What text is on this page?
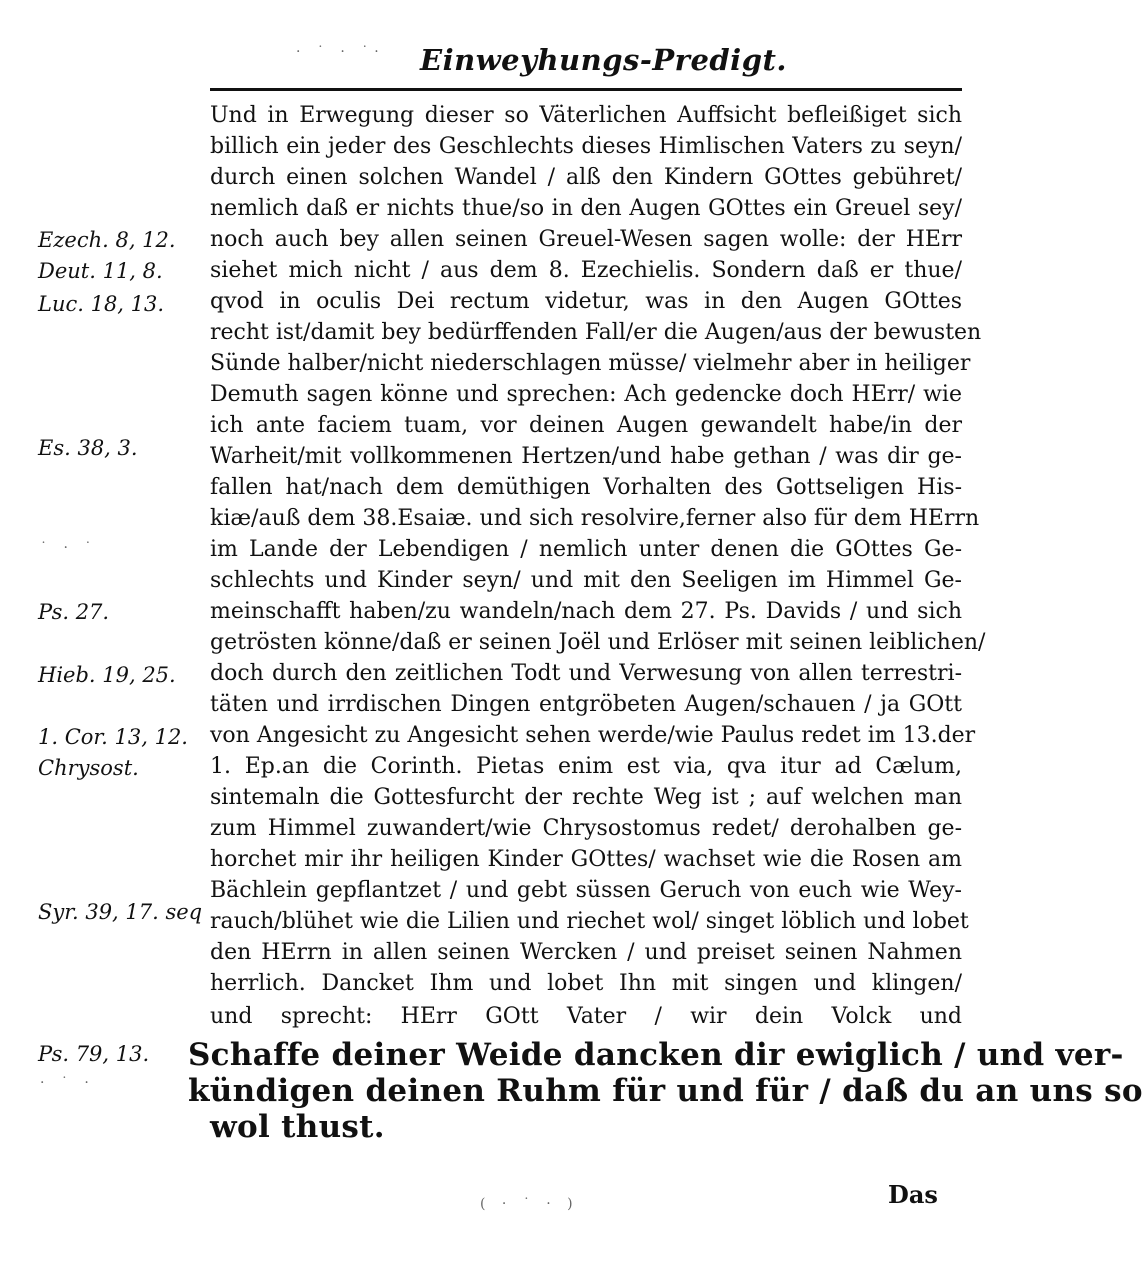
· ˙ · ˙· Einweyhungs-Predigt.
Und in Erwegung dieser so Väterlichen Auffsicht befleißiget sich
billich ein jeder des Geschlechts dieses Himlischen Vaters zu seyn/
durch einen solchen Wandel / alß den Kindern GOttes gebühret/
nemlich daß er nichts thue/so in den Augen GOttes ein Greuel sey/
noch auch bey allen seinen Greuel-Wesen sagen wolle: der HErr
siehet mich nicht / aus dem 8. Ezechielis. Sondern daß er thue/
qvod in oculis Dei rectum videtur, was in den Augen GOttes
recht ist/damit bey bedürffenden Fall/er die Augen/aus der bewusten
Sünde halber/nicht niederschlagen müsse/ vielmehr aber in heiliger
Demuth sagen könne und sprechen: Ach gedencke doch HErr/ wie
ich ante faciem tuam, vor deinen Augen gewandelt habe/in der
Warheit/mit vollkommenen Hertzen/und habe gethan / was dir ge-
fallen hat/nach dem demüthigen Vorhalten des Gottseligen His-
kiæ/auß dem 38.Esaiæ. und sich resolvire,ferner also für dem HErrn
im Lande der Lebendigen / nemlich unter denen die GOttes Ge-
schlechts und Kinder seyn/ und mit den Seeligen im Himmel Ge-
meinschafft haben/zu wandeln/nach dem 27. Ps. Davids / und sich
getrösten könne/daß er seinen Joël und Erlöser mit seinen leiblichen/
doch durch den zeitlichen Todt und Verwesung von allen terrestri-
täten und irrdischen Dingen entgröbeten Augen/schauen / ja GOtt
von Angesicht zu Angesicht sehen werde/wie Paulus redet im 13.der
1. Ep.an die Corinth. Pietas enim est via, qva itur ad Cælum,
sintemaln die Gottesfurcht der rechte Weg ist ; auf welchen man
zum Himmel zuwandert/wie Chrysostomus redet/ derohalben ge-
horchet mir ihr heiligen Kinder GOttes/ wachset wie die Rosen am
Bächlein gepflantzet / und gebt süssen Geruch von euch wie Wey-
rauch/blühet wie die Lilien und riechet wol/ singet löblich und lobet
den HErrn in allen seinen Wercken / und preiset seinen Nahmen
herrlich. Dancket Ihm und lobet Ihn mit singen und klingen/
und sprecht: HErr GOtt Vater / wir dein Volck und
Schaffe deiner Weide dancken dir ewiglich / und ver-
kündigen deinen Ruhm für und für / daß du an uns so
wol thust.
Ezech. 8, 12.
Deut. 11, 8.
Luc. 18, 13.
Es. 38, 3.
Ps. 27.
Hieb. 19, 25.
1. Cor. 13, 12.
Chrysost.
Syr. 39, 17. seq
Ps. 79, 13.
˙ · ˙
· ˙ ·
( · ˙ · )	Das
